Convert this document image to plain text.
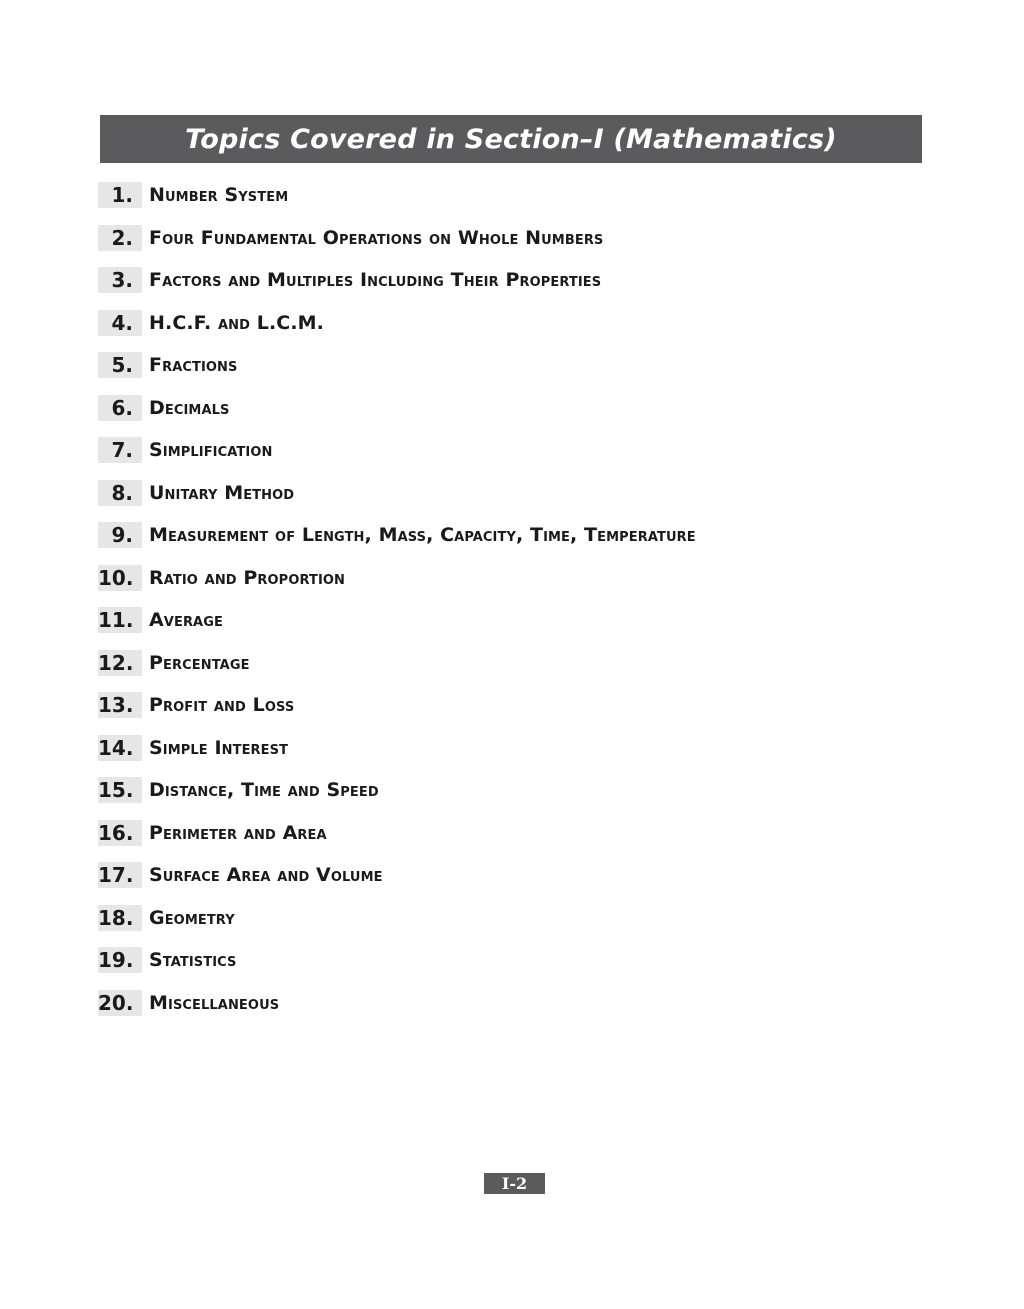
Topics Covered in Section–I (Mathematics)
1. Number System
2. Four Fundamental Operations on Whole Numbers
3. Factors and Multiples Including Their Properties
4. H.C.F. and L.C.M.
5. Fractions
6. Decimals
7. Simplification
8. Unitary Method
9. Measurement of Length, Mass, Capacity, Time, Temperature
10. Ratio and Proportion
11. Average
12. Percentage
13. Profit and Loss
14. Simple Interest
15. Distance, Time and Speed
16. Perimeter and Area
17. Surface Area and Volume
18. Geometry
19. Statistics
20. Miscellaneous
I-2
